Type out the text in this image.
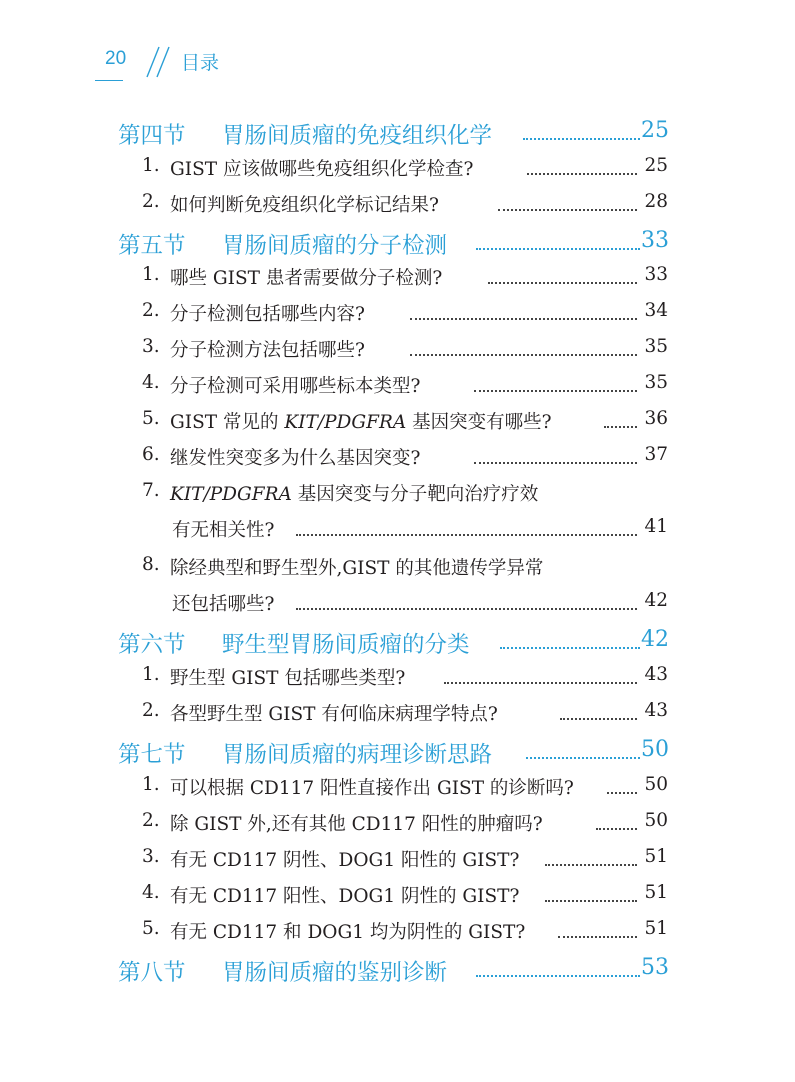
20	目录
第四节 胃肠间质瘤的免疫组织化学	25
1. GIST 应该做哪些免疫组织化学检查?	25
2. 如何判断免疫组织化学标记结果?	28
第五节 胃肠间质瘤的分子检测	33
1. 哪些 GIST 患者需要做分子检测?	33
2. 分子检测包括哪些内容?	34
3. 分子检测方法包括哪些?	35
4. 分子检测可采用哪些标本类型?	35
5. GIST 常见的 KIT/PDGFRA 基因突变有哪些?	36
6. 继发性突变多为什么基因突变?	37
7. KIT/PDGFRA 基因突变与分子靶向治疗疗效
有无相关性?	41
8. 除经典型和野生型外,GIST 的其他遗传学异常
还包括哪些?	42
第六节 野生型胃肠间质瘤的分类	42
1. 野生型 GIST 包括哪些类型?	43
2. 各型野生型 GIST 有何临床病理学特点?	43
第七节 胃肠间质瘤的病理诊断思路	50
1. 可以根据 CD117 阳性直接作出 GIST 的诊断吗?	50
2. 除 GIST 外,还有其他 CD117 阳性的肿瘤吗?	50
3. 有无 CD117 阴性、DOG1 阳性的 GIST?	51
4. 有无 CD117 阳性、DOG1 阴性的 GIST?	51
5. 有无 CD117 和 DOG1 均为阴性的 GIST?	51
第八节 胃肠间质瘤的鉴别诊断	53
